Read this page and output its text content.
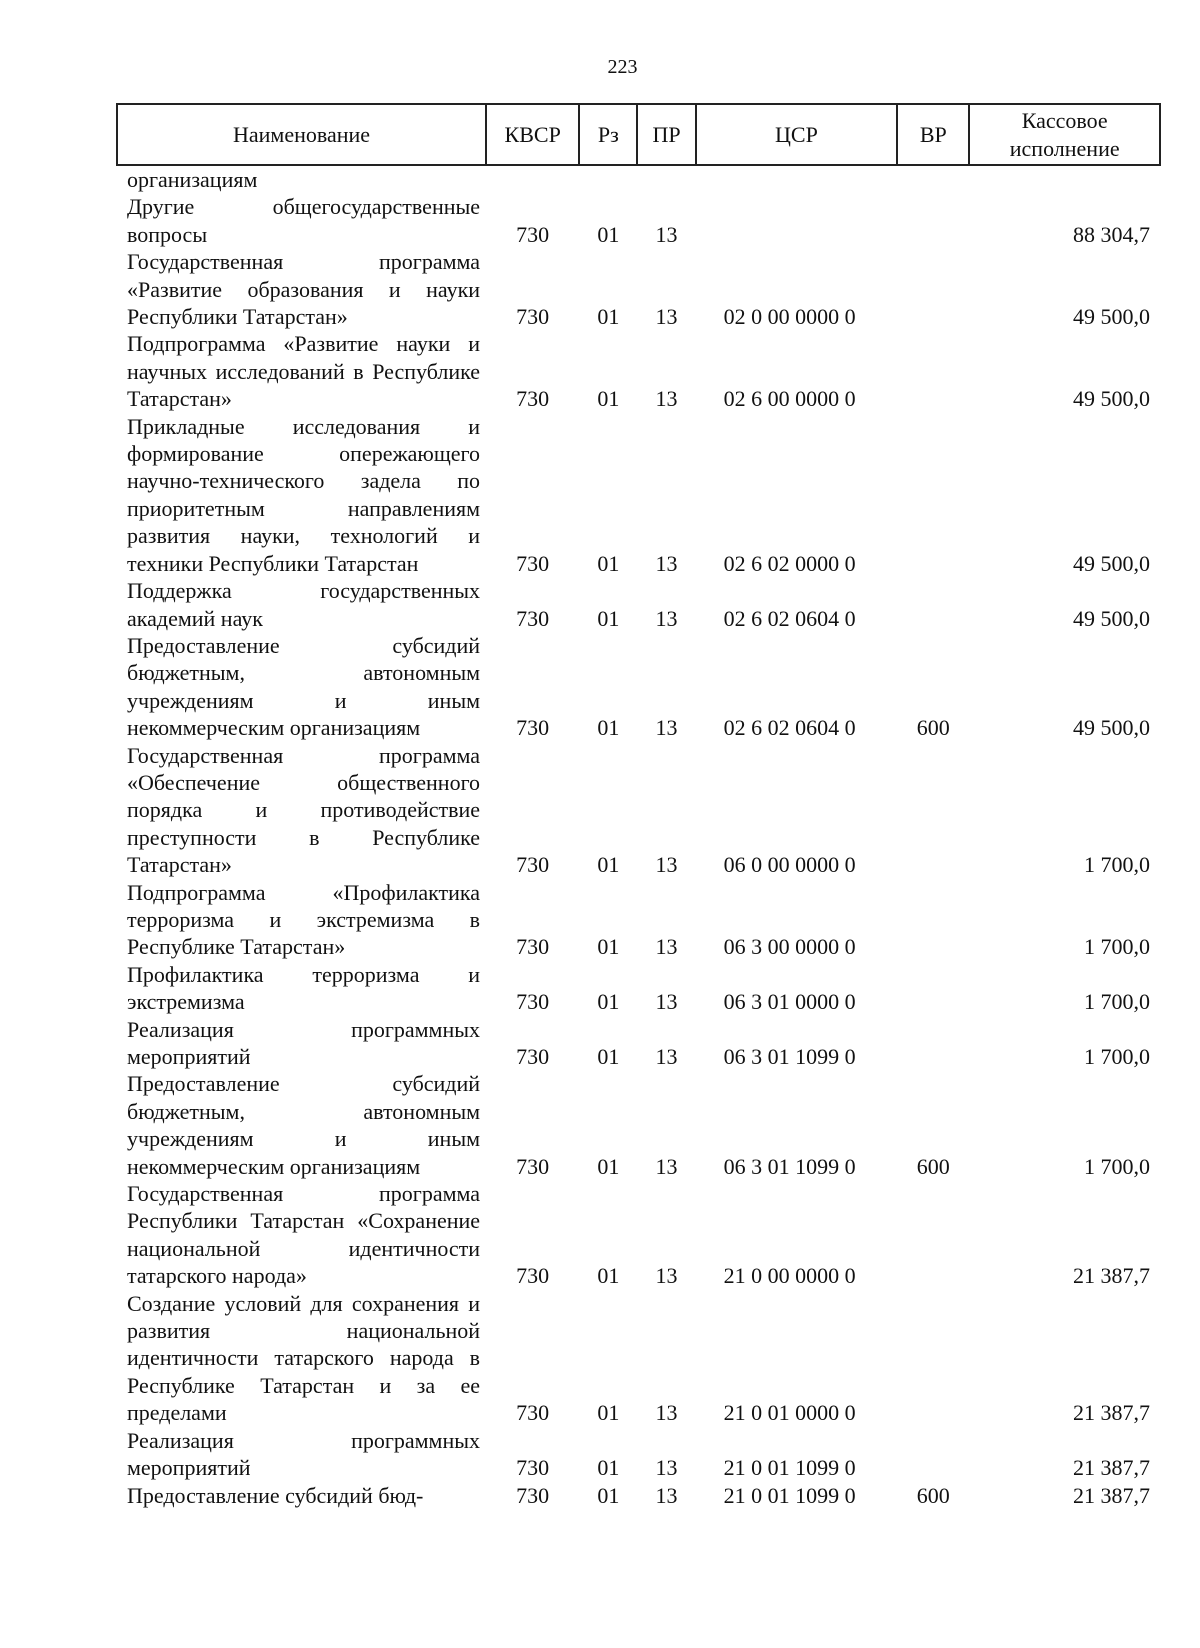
223
Наименование	КВСР	Рз	ПР	ЦСР	ВР	Кассовое
исполнение

организациям						
Другие общегосударственные вопросы	730	01	13			88 304,7
Государственная программа «Развитие образования и науки Республики Татарстан»	730	01	13	02 0 00 0000 0		49 500,0
Подпрограмма «Развитие науки и научных исследований в Республике Татарстан»	730	01	13	02 6 00 0000 0		49 500,0
Прикладные исследования и формирование опережающего научно-технического задела по приоритетным направлениям развития науки, технологий и техники Республики Татарстан	730	01	13	02 6 02 0000 0		49 500,0
Поддержка государственных академий наук	730	01	13	02 6 02 0604 0		49 500,0
Предоставление субсидий бюджетным, автономным учреждениям и иным некоммерческим организациям	730	01	13	02 6 02 0604 0	600	49 500,0
Государственная программа «Обеспечение общественного порядка и противодействие преступности в Республике Татарстан»	730	01	13	06 0 00 0000 0		1 700,0
Подпрограмма «Профилактика терроризма и экстремизма в Республике Татарстан»	730	01	13	06 3 00 0000 0		1 700,0
Профилактика терроризма и экстремизма	730	01	13	06 3 01 0000 0		1 700,0
Реализация программных мероприятий	730	01	13	06 3 01 1099 0		1 700,0
Предоставление субсидий бюджетным, автономным учреждениям и иным некоммерческим организациям	730	01	13	06 3 01 1099 0	600	1 700,0
Государственная программа Республики Татарстан «Сохранение национальной идентичности татарского народа»	730	01	13	21 0 00 0000 0		21 387,7
Создание условий для сохранения и развития национальной идентичности татарского народа в Республике Татарстан и за ее пределами	730	01	13	21 0 01 0000 0		21 387,7
Реализация программных мероприятий	730	01	13	21 0 01 1099 0		21 387,7
Предоставление субсидий бюд-	730	01	13	21 0 01 1099 0	600	21 387,7
